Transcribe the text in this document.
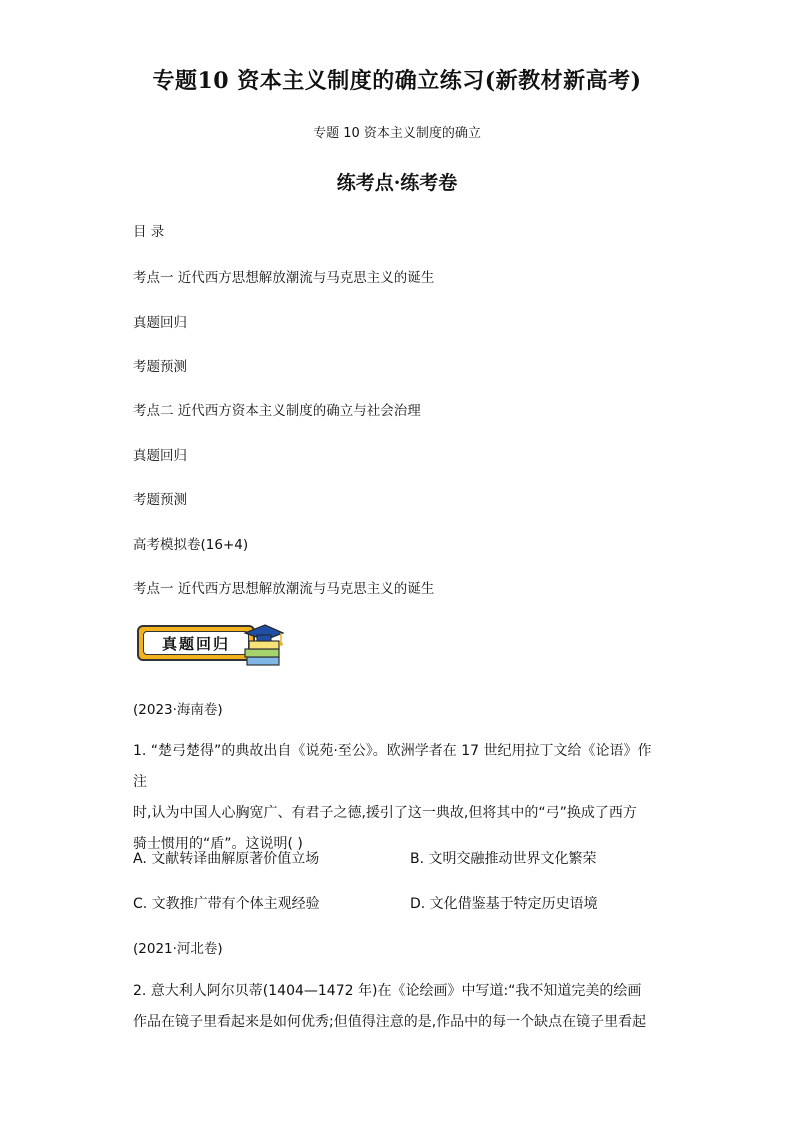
专题10 资本主义制度的确立练习(新教材新高考)
专题 10 资本主义制度的确立
练考点·练考卷
目 录
考点一 近代西方思想解放潮流与马克思主义的诞生
真题回归
考题预测
考点二 近代西方资本主义制度的确立与社会治理
真题回归
考题预测
高考模拟卷(16+4)
考点一 近代西方思想解放潮流与马克思主义的诞生
真题回归
(2023·海南卷)
1. “楚弓楚得”的典故出自《说苑·至公》。欧洲学者在 17 世纪用拉丁文给《论语》作注
时,认为中国人心胸宽广、有君子之德,援引了这一典故,但将其中的“弓”换成了西方
骑士惯用的“盾”。这说明( )
A. 文献转译曲解原著价值立场	B. 文明交融推动世界文化繁荣
C. 文教推广带有个体主观经验	D. 文化借鉴基于特定历史语境
(2021·河北卷)
2. 意大利人阿尔贝蒂(1404—1472 年)在《论绘画》中写道:“我不知道完美的绘画
作品在镜子里看起来是如何优秀;但值得注意的是,作品中的每一个缺点在镜子里看起
